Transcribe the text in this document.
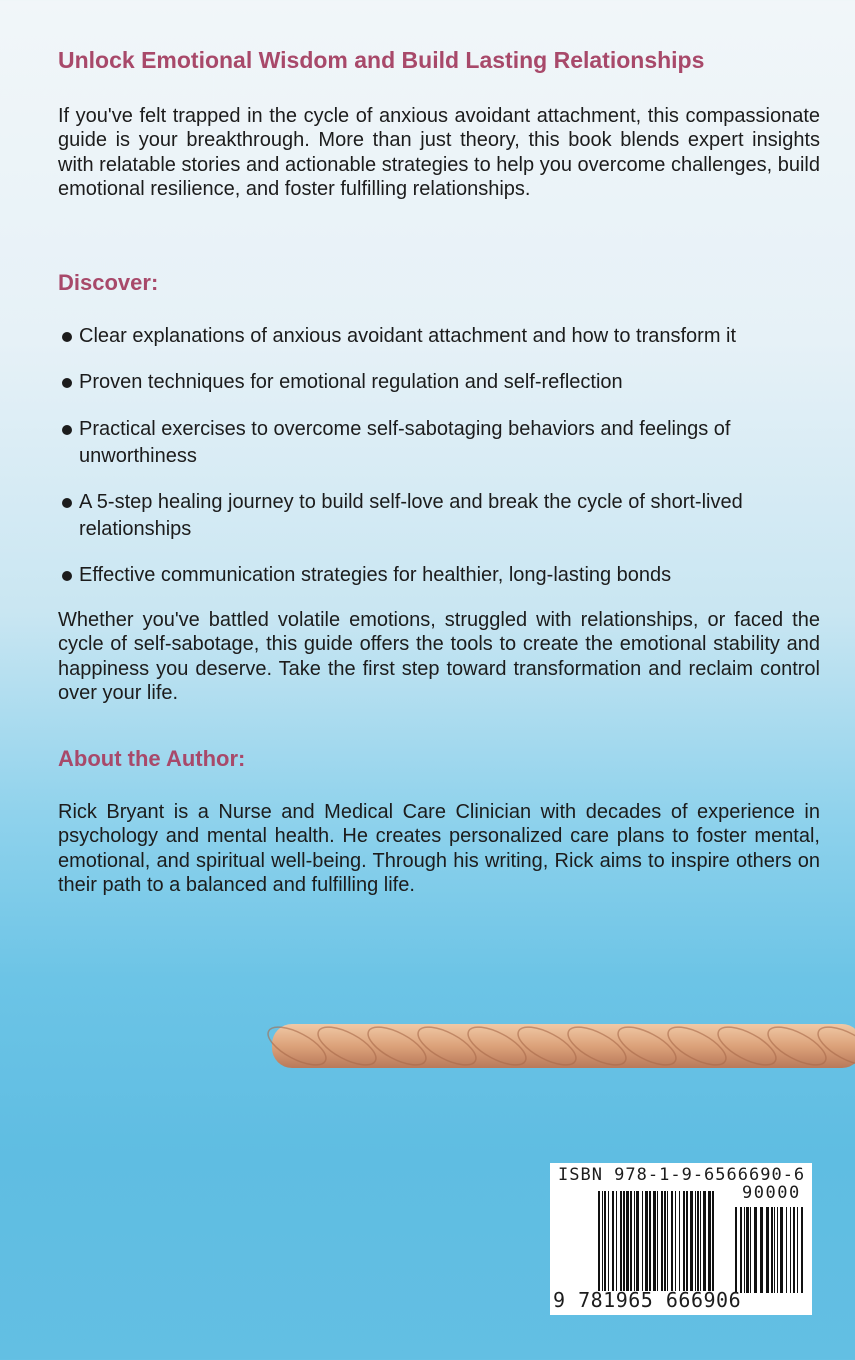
Unlock Emotional Wisdom and Build Lasting Relationships
If you've felt trapped in the cycle of anxious avoidant attachment, this compassionate guide is your breakthrough. More than just theory, this book blends expert insights with relatable stories and actionable strategies to help you overcome challenges, build emotional resilience, and foster fulfilling relationships.
Discover:
Clear explanations of anxious avoidant attachment and how to transform it
Proven techniques for emotional regulation and self-reflection
Practical exercises to overcome self-sabotaging behaviors and feelings of unworthiness
A 5-step healing journey to build self-love and break the cycle of short-lived relationships
Effective communication strategies for healthier, long-lasting bonds
Whether you've battled volatile emotions, struggled with relationships, or faced the cycle of self-sabotage, this guide offers the tools to create the emotional stability and happiness you deserve. Take the first step toward transformation and reclaim control over your life.
About the Author:
Rick Bryant is a Nurse and Medical Care Clinician with decades of experience in psychology and mental health. He creates personalized care plans to foster mental, emotional, and spiritual well-being. Through his writing, Rick aims to inspire others on their path to a balanced and fulfilling life.
ISBN 978-1-9-6566690-6
90000
9 781965 666906
